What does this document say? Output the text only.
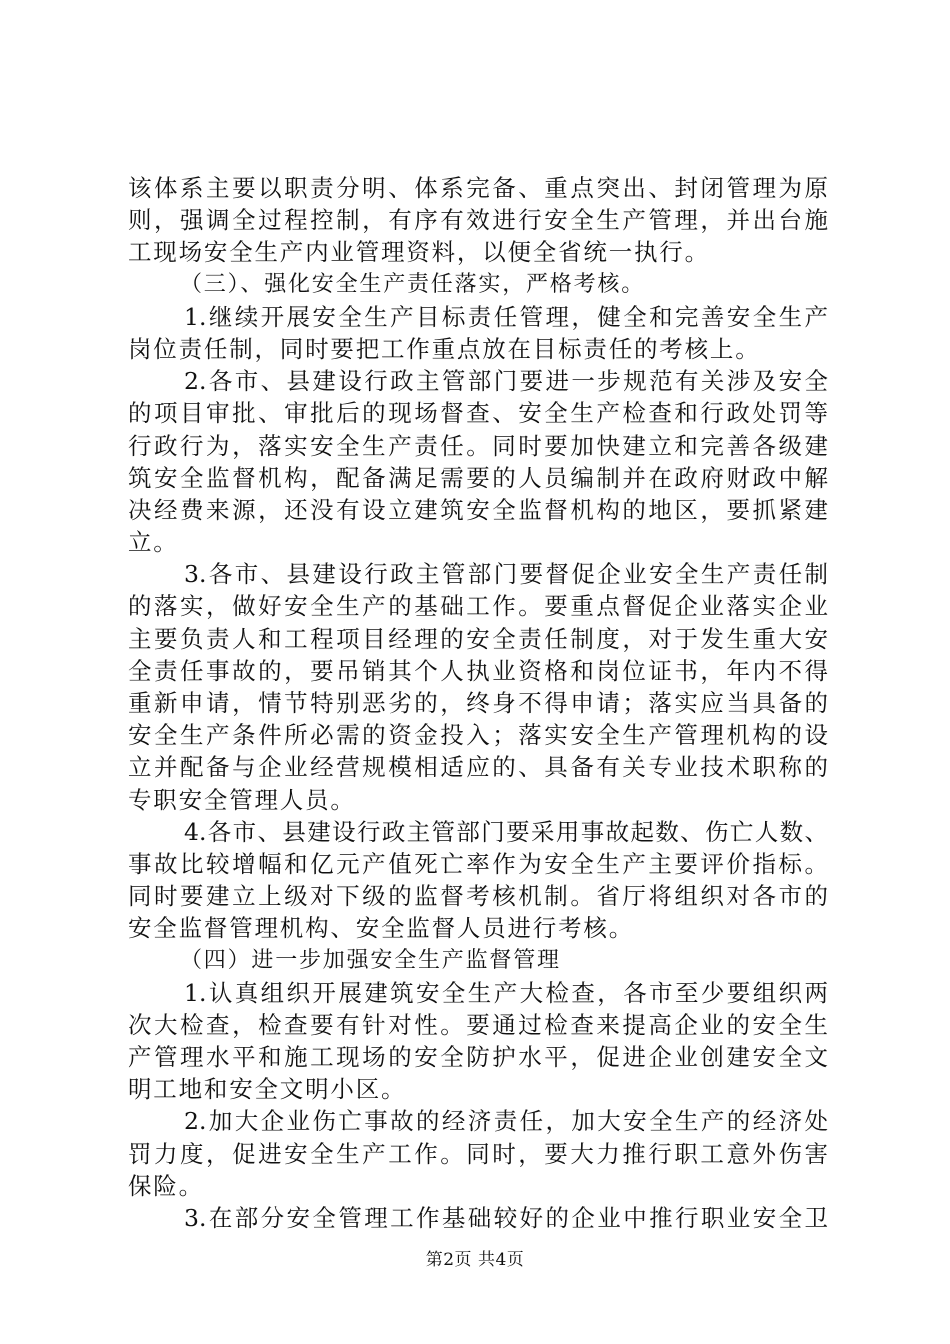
该体系主要以职责分明、体系完备、重点突出、封闭管理为原
则，强调全过程控制，有序有效进行安全生产管理，并出台施
工现场安全生产内业管理资料，以便全省统一执行。
（三）、强化安全生产责任落实，严格考核。
1.继续开展安全生产目标责任管理，健全和完善安全生产
岗位责任制，同时要把工作重点放在目标责任的考核上。
2.各市、县建设行政主管部门要进一步规范有关涉及安全
的项目审批、审批后的现场督查、安全生产检查和行政处罚等
行政行为，落实安全生产责任。同时要加快建立和完善各级建
筑安全监督机构，配备满足需要的人员编制并在政府财政中解
决经费来源，还没有设立建筑安全监督机构的地区，要抓紧建
立。
3.各市、县建设行政主管部门要督促企业安全生产责任制
的落实，做好安全生产的基础工作。要重点督促企业落实企业
主要负责人和工程项目经理的安全责任制度，对于发生重大安
全责任事故的，要吊销其个人执业资格和岗位证书，年内不得
重新申请，情节特别恶劣的，终身不得申请；落实应当具备的
安全生产条件所必需的资金投入；落实安全生产管理机构的设
立并配备与企业经营规模相适应的、具备有关专业技术职称的
专职安全管理人员。
4.各市、县建设行政主管部门要采用事故起数、伤亡人数、
事故比较增幅和亿元产值死亡率作为安全生产主要评价指标。
同时要建立上级对下级的监督考核机制。省厅将组织对各市的
安全监督管理机构、安全监督人员进行考核。
（四）进一步加强安全生产监督管理
1.认真组织开展建筑安全生产大检查，各市至少要组织两
次大检查，检查要有针对性。要通过检查来提高企业的安全生
产管理水平和施工现场的安全防护水平，促进企业创建安全文
明工地和安全文明小区。
2.加大企业伤亡事故的经济责任，加大安全生产的经济处
罚力度，促进安全生产工作。同时，要大力推行职工意外伤害
保险。
3.在部分安全管理工作基础较好的企业中推行职业安全卫
第2页 共4页
